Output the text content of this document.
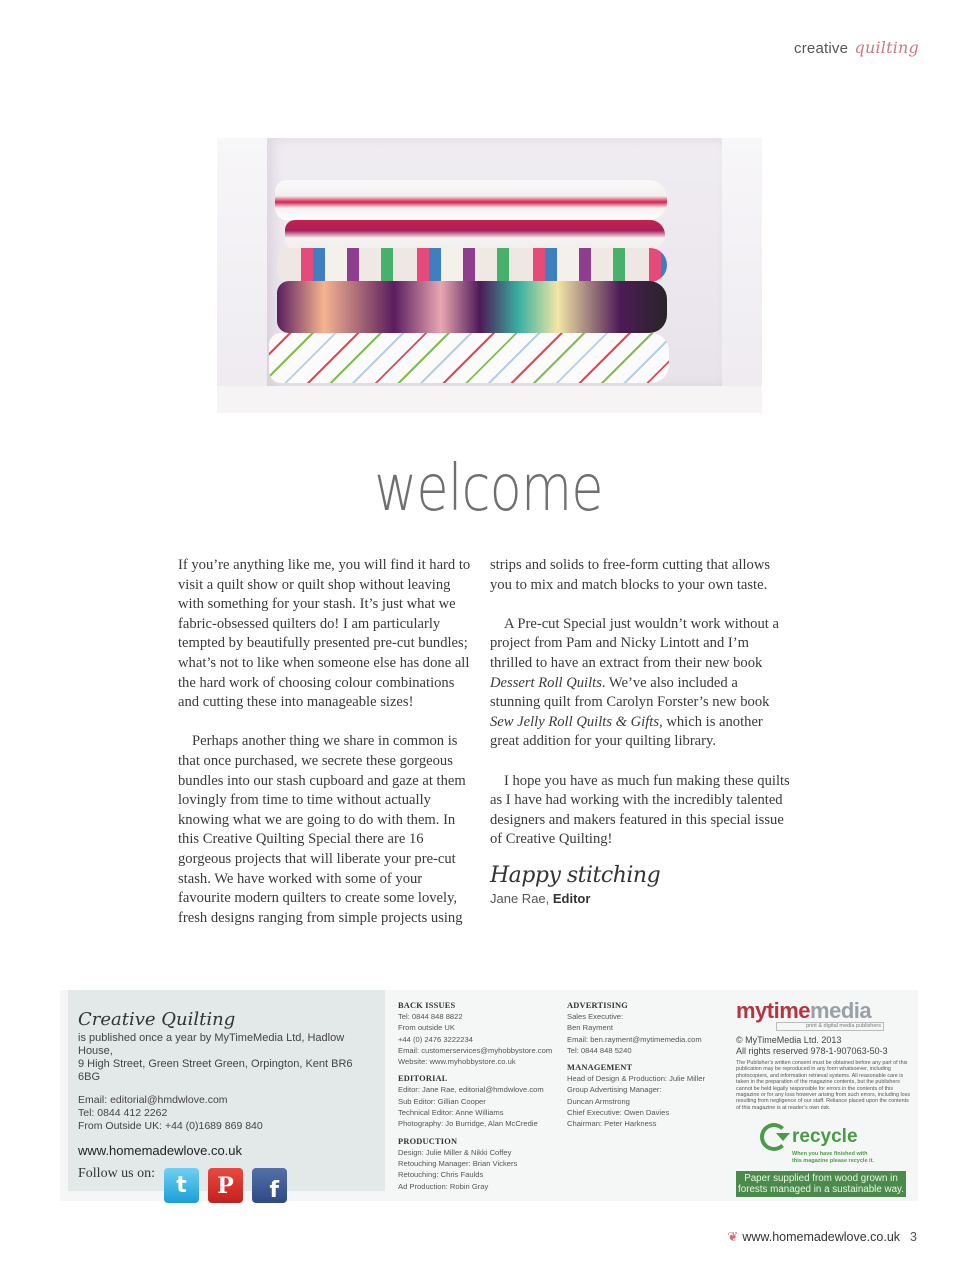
creative quilting
welcome

If you’re anything like me, you will find it hard to visit a quilt show or quilt shop without leaving with something for your stash. It’s just what we fabric-obsessed quilters do! I am particularly tempted by beautifully presented pre-cut bundles; what’s not to like when someone else has done all the hard work of choosing colour combinations and cutting these into manageable sizes!

Perhaps another thing we share in common is that once purchased, we secrete these gorgeous bundles into our stash cupboard and gaze at them lovingly from time to time without actually knowing what we are going to do with them. In this Creative Quilting Special there are 16 gorgeous projects that will liberate your pre-cut stash. We have worked with some of your favourite modern quilters to create some lovely, fresh designs ranging from simple projects using

strips and solids to free-form cutting that allows you to mix and match blocks to your own taste.

A Pre-cut Special just wouldn’t work without a project from Pam and Nicky Lintott and I’m thrilled to have an extract from their new book Dessert Roll Quilts. We’ve also included a stunning quilt from Carolyn Forster’s new book Sew Jelly Roll Quilts & Gifts, which is another great addition for your quilting library.

I hope you have as much fun making these quilts as I have had working with the incredibly talented designers and makers featured in this special issue of Creative Quilting!

Happy stitching
Jane Rae, Editor
Creative Quilting
is published once a year by MyTimeMedia Ltd, Hadlow House,
9 High Street, Green Street Green, Orpington, Kent BR6 6BG
Email: editorial@hmdwlove.com
Tel: 0844 412 2262
From Outside UK: +44 (0)1689 869 840
www.homemadewlove.co.uk
Follow us on: t	P	f
BACK ISSUES
Tel: 0844 848 8822
From outside UK
+44 (0) 2476 3222234
Email: customerservices@myhobbystore.com
Website: www.myhobbystore.co.uk
EDITORIAL
Editor: Jane Rae, editorial@hmdwlove.com
Sub Editor: Gillian Cooper
Technical Editor: Anne Williams
Photography: Jo Burridge, Alan McCredie
PRODUCTION
Design: Julie Miller & Nikki Coffey
Retouching Manager: Brian Vickers
Retouching: Chris Faulds
Ad Production: Robin Gray
ADVERTISING
Sales Executive:
Ben Rayment
Email: ben.rayment@mytimemedia.com
Tel: 0844 848 5240
MANAGEMENT
Head of Design & Production: Julie Miller
Group Advertising Manager:
Duncan Armstrong
Chief Executive: Owen Davies
Chairman: Peter Harkness
mytimemedia
print & digital media publishers
© MyTimeMedia Ltd. 2013
All rights reserved 978-1-907063-50-3
The Publisher’s written consent must be obtained before any part of this publication may be reproduced in any form whatsoever, including photocopiers, and information retrieval systems. All reasonable care is taken in the preparation of the magazine contents, but the publishers cannot be held legally responsible for errors in the contents of this magazine or for any loss however arising from such errors, including loss resulting from negligence of our staff. Reliance placed upon the contents of this magazine is at reader’s own risk.
recycle
When you have finished with
this magazine please recycle it.
Paper supplied from wood grown in forests managed in a sustainable way.
❦ www.homemadewlove.co.uk 3
